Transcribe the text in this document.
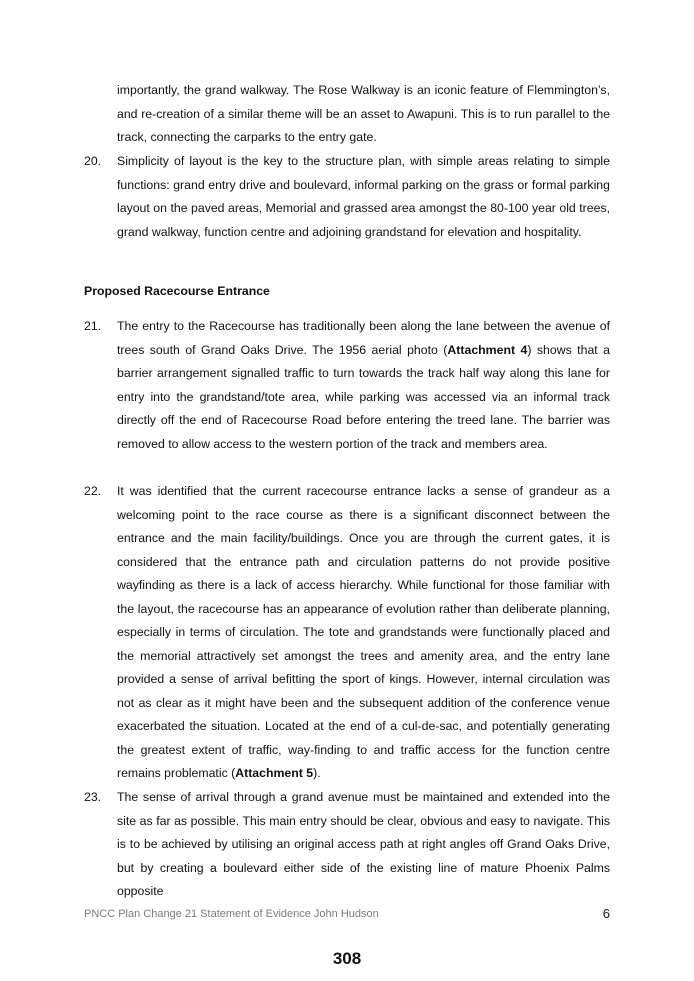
importantly, the grand walkway. The Rose Walkway is an iconic feature of Flemmington’s, and re-creation of a similar theme will be an asset to Awapuni. This is to run parallel to the track, connecting the carparks to the entry gate.
20.	Simplicity of layout is the key to the structure plan, with simple areas relating to simple functions: grand entry drive and boulevard, informal parking on the grass or formal parking layout on the paved areas, Memorial and grassed area amongst the 80-100 year old trees, grand walkway, function centre and adjoining grandstand for elevation and hospitality.
Proposed Racecourse Entrance
21.	The entry to the Racecourse has traditionally been along the lane between the avenue of trees south of Grand Oaks Drive. The 1956 aerial photo (Attachment 4) shows that a barrier arrangement signalled traffic to turn towards the track half way along this lane for entry into the grandstand/tote area, while parking was accessed via an informal track directly off the end of Racecourse Road before entering the treed lane. The barrier was removed to allow access to the western portion of the track and members area.
22.	It was identified that the current racecourse entrance lacks a sense of grandeur as a welcoming point to the race course as there is a significant disconnect between the entrance and the main facility/buildings. Once you are through the current gates, it is considered that the entrance path and circulation patterns do not provide positive wayfinding as there is a lack of access hierarchy. While functional for those familiar with the layout, the racecourse has an appearance of evolution rather than deliberate planning, especially in terms of circulation. The tote and grandstands were functionally placed and the memorial attractively set amongst the trees and amenity area, and the entry lane provided a sense of arrival befitting the sport of kings. However, internal circulation was not as clear as it might have been and the subsequent addition of the conference venue exacerbated the situation. Located at the end of a cul-de-sac, and potentially generating the greatest extent of traffic, way-finding to and traffic access for the function centre remains problematic (Attachment 5).
23.	The sense of arrival through a grand avenue must be maintained and extended into the site as far as possible. This main entry should be clear, obvious and easy to navigate. This is to be achieved by utilising an original access path at right angles off Grand Oaks Drive, but by creating a boulevard either side of the existing line of mature Phoenix Palms opposite
PNCC Plan Change 21 Statement of Evidence John Hudson	6
308
